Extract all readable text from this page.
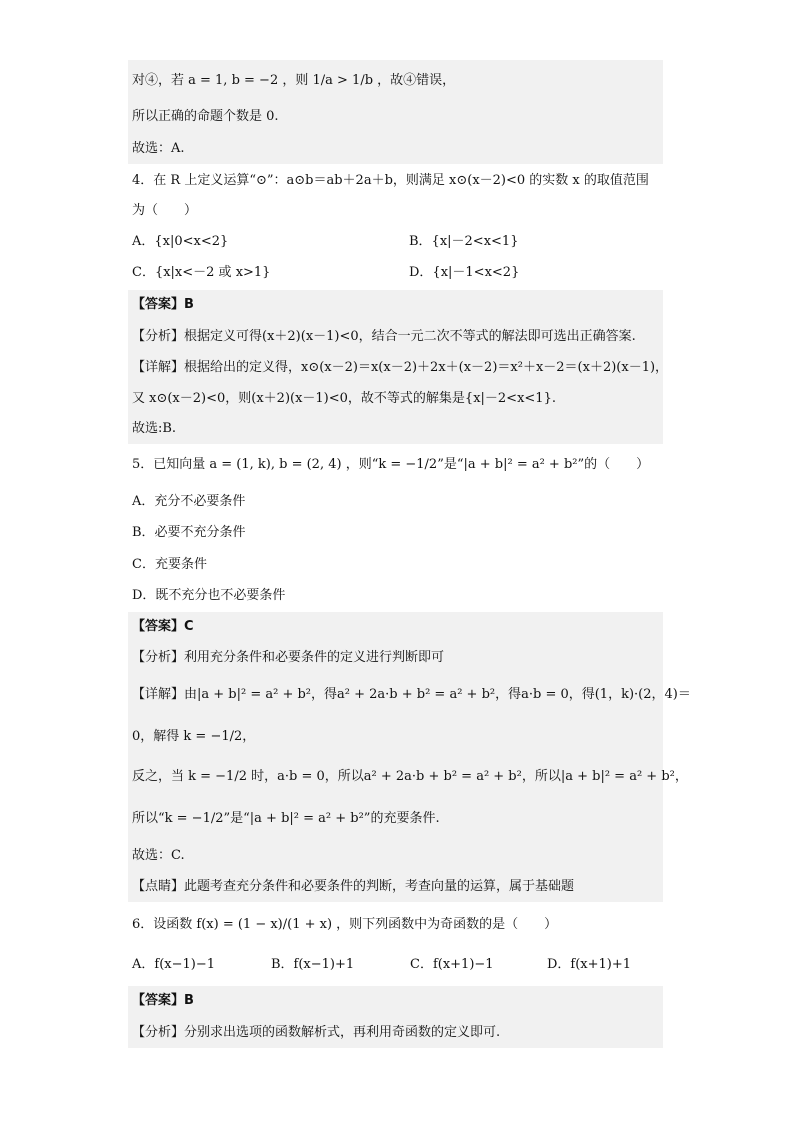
对④，若 a = 1, b = −2 ，则 1/a > 1/b ，故④错误，
所以正确的命题个数是 0.
故选：A.
4．在 R 上定义运算“⊙”：a⊙b＝ab＋2a＋b，则满足 x⊙(x－2)<0 的实数 x 的取值范围
为（　　）
A．{x|0<x<2}	B．{x|－2<x<1}
C．{x|x<－2 或 x>1}	D．{x|－1<x<2}
【答案】B
【分析】根据定义可得(x＋2)(x－1)<0，结合一元二次不等式的解法即可选出正确答案.
【详解】根据给出的定义得，x⊙(x－2)＝x(x－2)＋2x＋(x－2)＝x²＋x－2＝(x＋2)(x－1)，
又 x⊙(x－2)<0，则(x＋2)(x－1)<0，故不等式的解集是{x|－2<x<1}.
故选:B.
5．已知向量 a = (1, k), b = (2, 4) ，则“k = −1/2”是“|a + b|² = a² + b²”的（　　）
A．充分不必要条件
B．必要不充分条件
C．充要条件
D．既不充分也不必要条件
【答案】C
【分析】利用充分条件和必要条件的定义进行判断即可
【详解】由|a + b|² = a² + b²，得a² + 2a·b + b² = a² + b²，得a·b = 0，得(1，k)·(2，4)＝
0，解得 k = −1/2，
反之，当 k = −1/2 时，a·b = 0，所以a² + 2a·b + b² = a² + b²，所以|a + b|² = a² + b²，
所以“k = −1/2”是“|a + b|² = a² + b²”的充要条件.
故选：C.
【点睛】此题考查充分条件和必要条件的判断，考查向量的运算，属于基础题
6．设函数 f(x) = (1 − x)/(1 + x) ，则下列函数中为奇函数的是（　　）
A．f(x−1)−1	B．f(x−1)+1	C．f(x+1)−1	D．f(x+1)+1
【答案】B
【分析】分别求出选项的函数解析式，再利用奇函数的定义即可.
